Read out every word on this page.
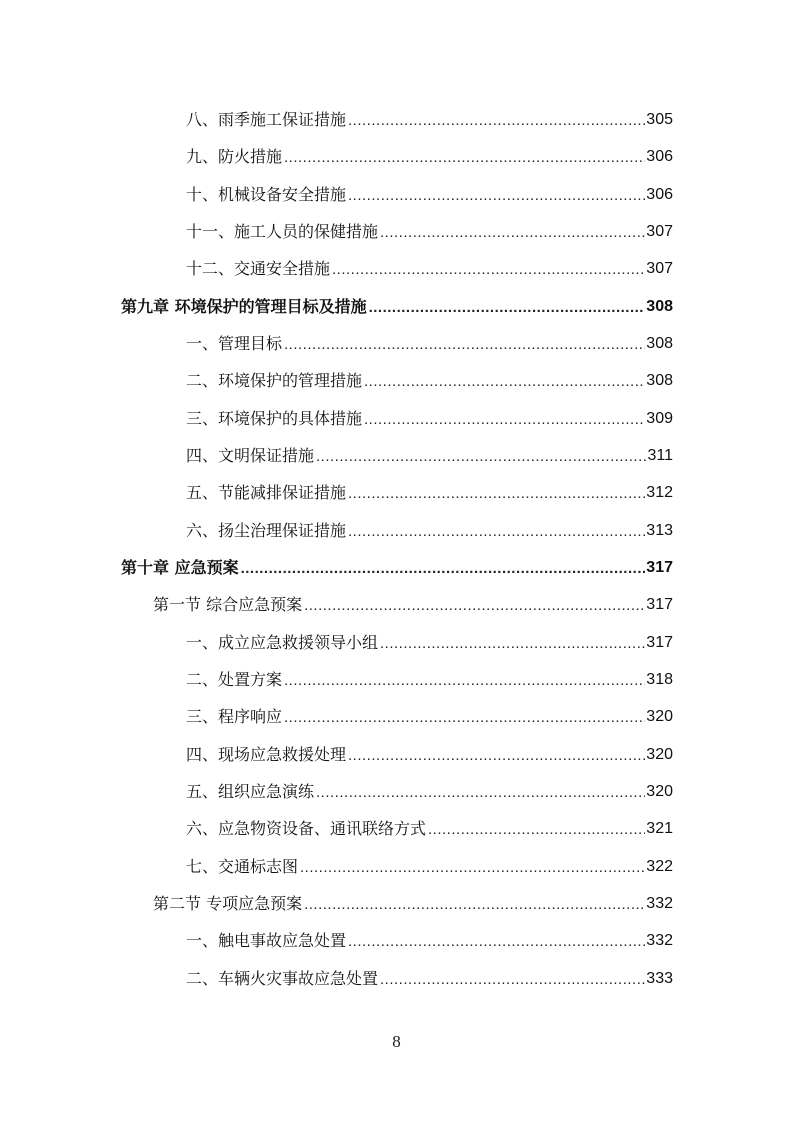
八、雨季施工保证措施 .....	305
九、防火措施 .....	306
十、机械设备安全措施 .....	306
十一、施工人员的保健措施 .....	307
十二、交通安全措施 .....	307
第九章 环境保护的管理目标及措施 .....	308
一、管理目标 .....	308
二、环境保护的管理措施 .....	308
三、环境保护的具体措施 .....	309
四、文明保证措施 .....	311
五、节能减排保证措施 .....	312
六、扬尘治理保证措施 .....	313
第十章 应急预案 .....	317
第一节 综合应急预案 .....	317
一、成立应急救援领导小组 .....	317
二、处置方案 .....	318
三、程序响应 .....	320
四、现场应急救援处理 .....	320
五、组织应急演练 .....	320
六、应急物资设备、通讯联络方式 .....	321
七、交通标志图 .....	322
第二节 专项应急预案 .....	332
一、触电事故应急处置 .....	332
二、车辆火灾事故应急处置 .....	333
8
